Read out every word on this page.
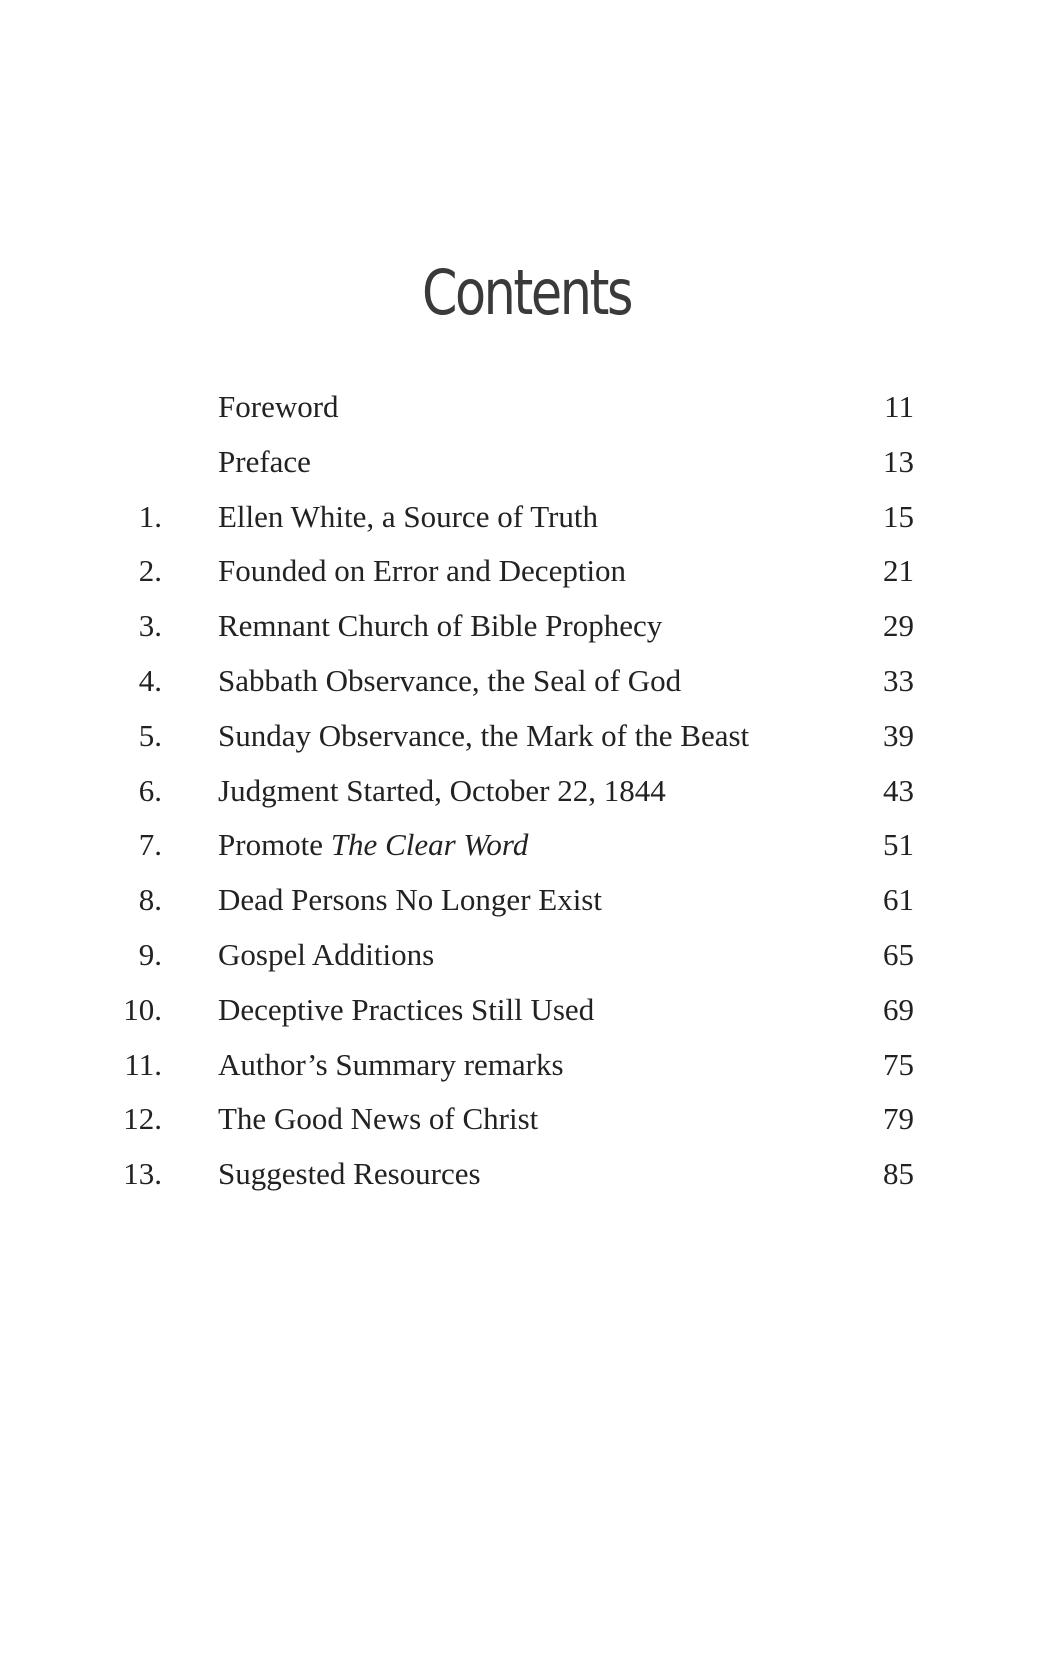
Contents
Foreword	11
Preface	13
1. Ellen White, a Source of Truth	15
2. Founded on Error and Deception	21
3. Remnant Church of Bible Prophecy	29
4. Sabbath Observance, the Seal of God	33
5. Sunday Observance, the Mark of the Beast	39
6. Judgment Started, October 22, 1844	43
7. Promote The Clear Word	51
8. Dead Persons No Longer Exist	61
9. Gospel Additions	65
10. Deceptive Practices Still Used	69
11. Author’s Summary remarks	75
12. The Good News of Christ	79
13. Suggested Resources	85
